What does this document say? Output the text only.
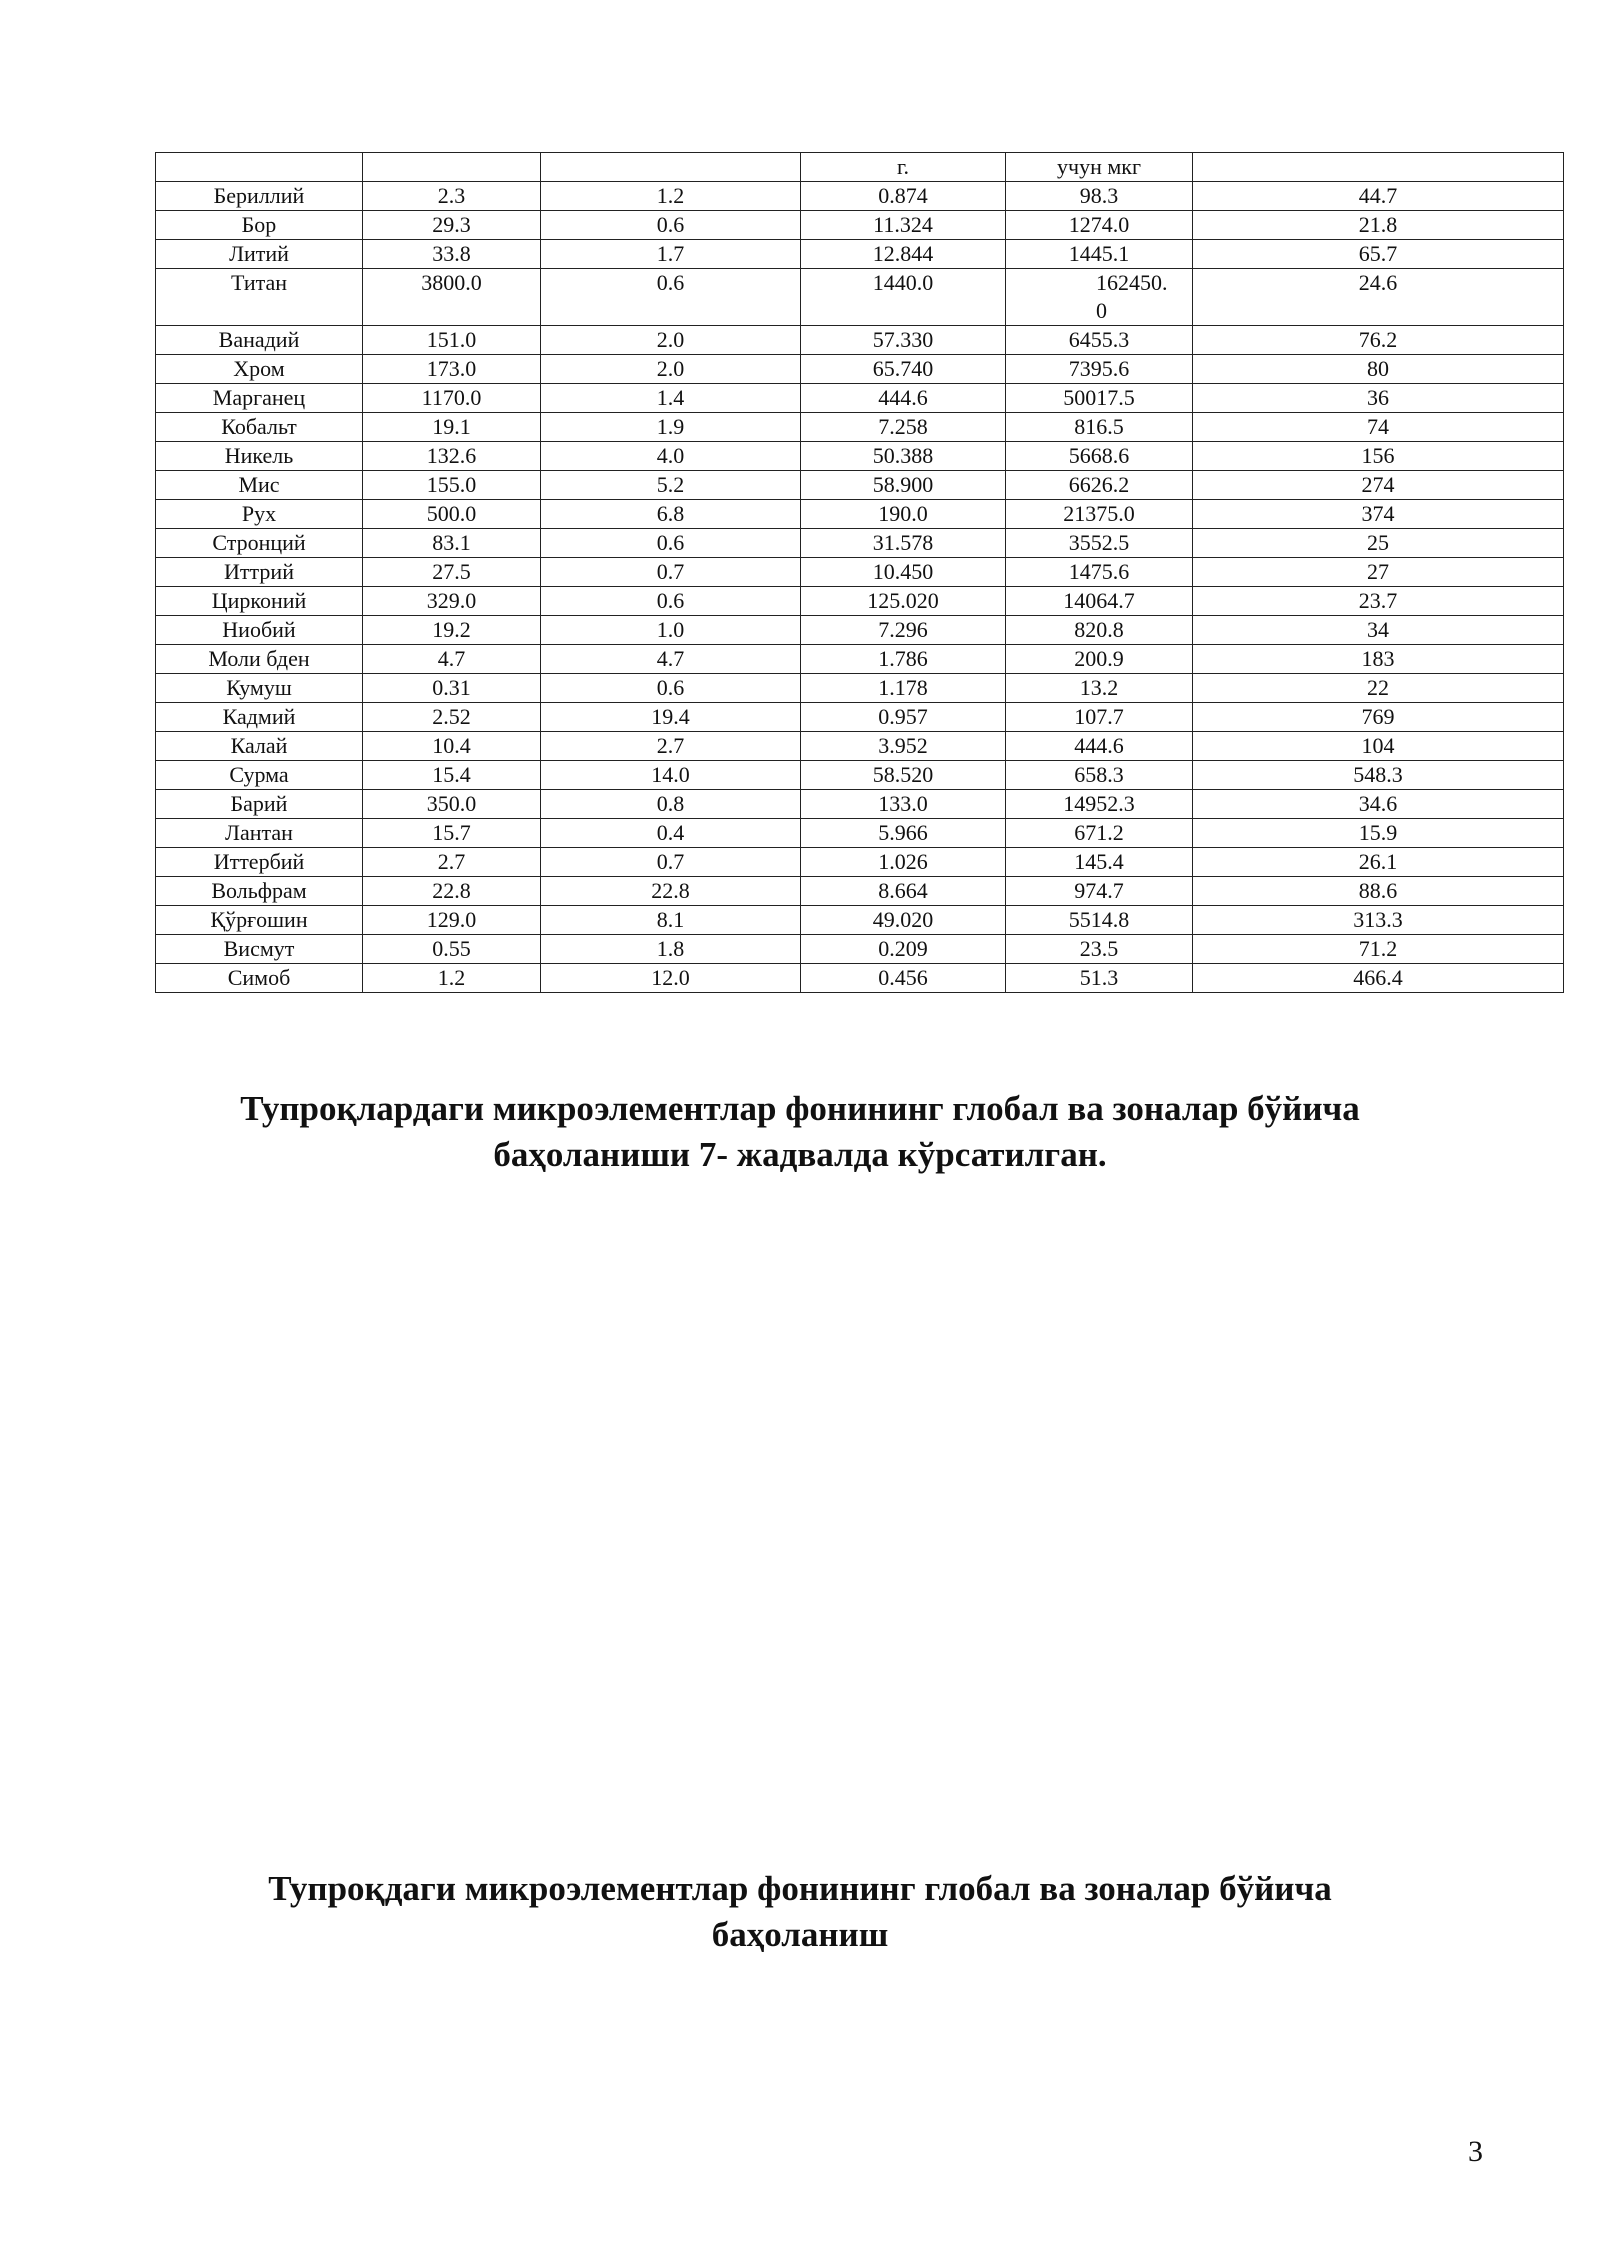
			г.	учун мкг	
Бериллий	2.3	1.2	0.874	98.3	44.7
Бор	29.3	0.6	11.324	1274.0	21.8
Литий	33.8	1.7	12.844	1445.1	65.7
Титан	3800.0	0.6	1440.0	162450.0	24.6
Ванадий	151.0	2.0	57.330	6455.3	76.2
Хром	173.0	2.0	65.740	7395.6	80
Марганец	1170.0	1.4	444.6	50017.5	36
Кобальт	19.1	1.9	7.258	816.5	74
Никель	132.6	4.0	50.388	5668.6	156
Мис	155.0	5.2	58.900	6626.2	274
Рух	500.0	6.8	190.0	21375.0	374
Стронций	83.1	0.6	31.578	3552.5	25
Иттрий	27.5	0.7	10.450	1475.6	27
Цирконий	329.0	0.6	125.020	14064.7	23.7
Ниобий	19.2	1.0	7.296	820.8	34
Моли бден	4.7	4.7	1.786	200.9	183
Кумуш	0.31	0.6	1.178	13.2	22
Кадмий	2.52	19.4	0.957	107.7	769
Калай	10.4	2.7	3.952	444.6	104
Сурма	15.4	14.0	58.520	658.3	548.3
Барий	350.0	0.8	133.0	14952.3	34.6
Лантан	15.7	0.4	5.966	671.2	15.9
Иттербий	2.7	0.7	1.026	145.4	26.1
Вольфрам	22.8	22.8	8.664	974.7	88.6
Қўрғошин	129.0	8.1	49.020	5514.8	313.3
Висмут	0.55	1.8	0.209	23.5	71.2
Симоб	1.2	12.0	0.456	51.3	466.4
Тупроқлардаги микроэлементлар фонининг глобал ва зоналар бўйича
баҳоланиши 7- жадвалда кўрсатилган.
Тупроқдаги микроэлементлар фонининг глобал ва зоналар бўйича
баҳоланиш
3
